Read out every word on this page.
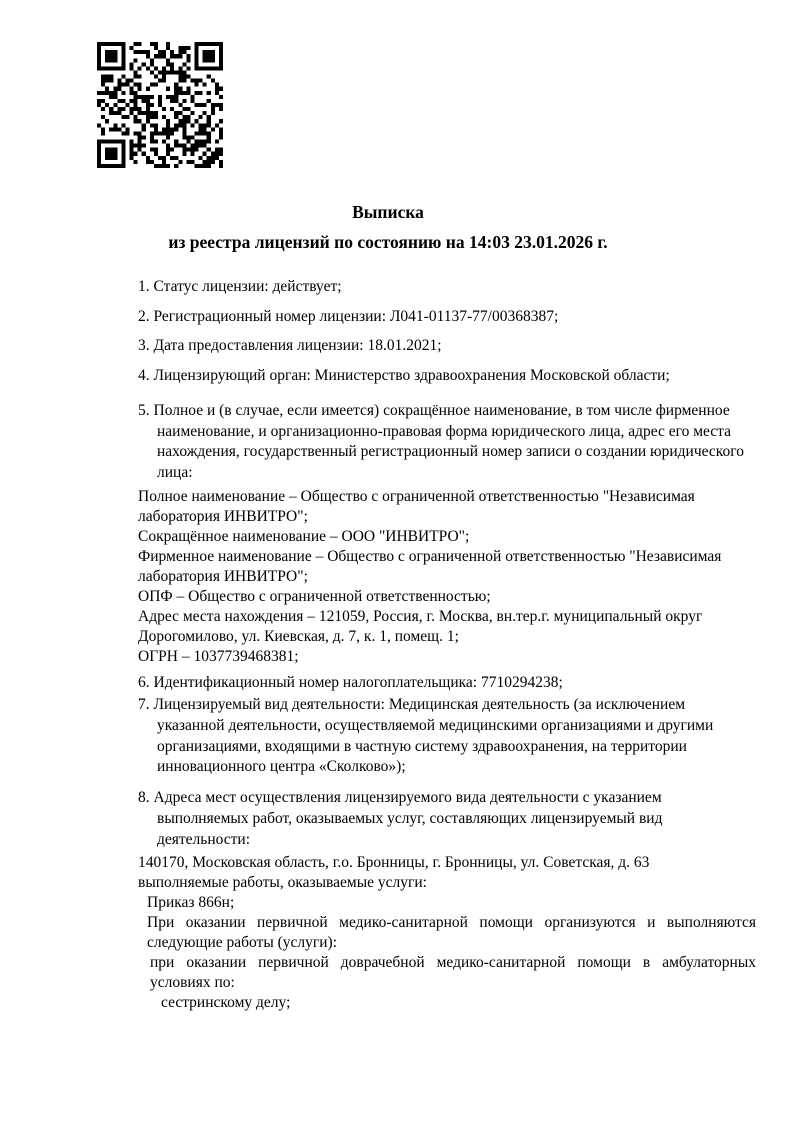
Выписка
из реестра лицензий по состоянию на 14:03 23.01.2026 г.
1. Статус лицензии: действует;
2. Регистрационный номер лицензии: Л041-01137-77/00368387;
3. Дата предоставления лицензии: 18.01.2021;
4. Лицензирующий орган: Министерство здравоохранения Московской области;
5. Полное и (в случае, если имеется) сокращённое наименование, в том числе фирменное наименование, и организационно-правовая форма юридического лица, адрес его места нахождения, государственный регистрационный номер записи о создании юридического лица:
Полное наименование – Общество с ограниченной ответственностью "Независимая лаборатория ИНВИТРО";
Сокращённое наименование – ООО "ИНВИТРО";
Фирменное наименование – Общество с ограниченной ответственностью "Независимая лаборатория ИНВИТРО";
ОПФ – Общество с ограниченной ответственностью;
Адрес места нахождения – 121059, Россия, г. Москва, вн.тер.г. муниципальный округ Дорогомилово, ул. Киевская, д. 7, к. 1, помещ. 1;
ОГРН – 1037739468381;
6. Идентификационный номер налогоплательщика: 7710294238;
7. Лицензируемый вид деятельности: Медицинская деятельность (за исключением указанной деятельности, осуществляемой медицинскими организациями и другими организациями, входящими в частную систему здравоохранения, на территории инновационного центра «Сколково»);
8. Адреса мест осуществления лицензируемого вида деятельности с указанием выполняемых работ, оказываемых услуг, составляющих лицензируемый вид деятельности:
140170, Московская область, г.о. Бронницы, г. Бронницы, ул. Советская, д. 63
выполняемые работы, оказываемые услуги:
Приказ 866н;
При оказании первичной медико-санитарной помощи организуются и выполняются следующие работы (услуги):
при оказании первичной доврачебной медико-санитарной помощи в амбулаторных условиях по:
сестринскому делу;
